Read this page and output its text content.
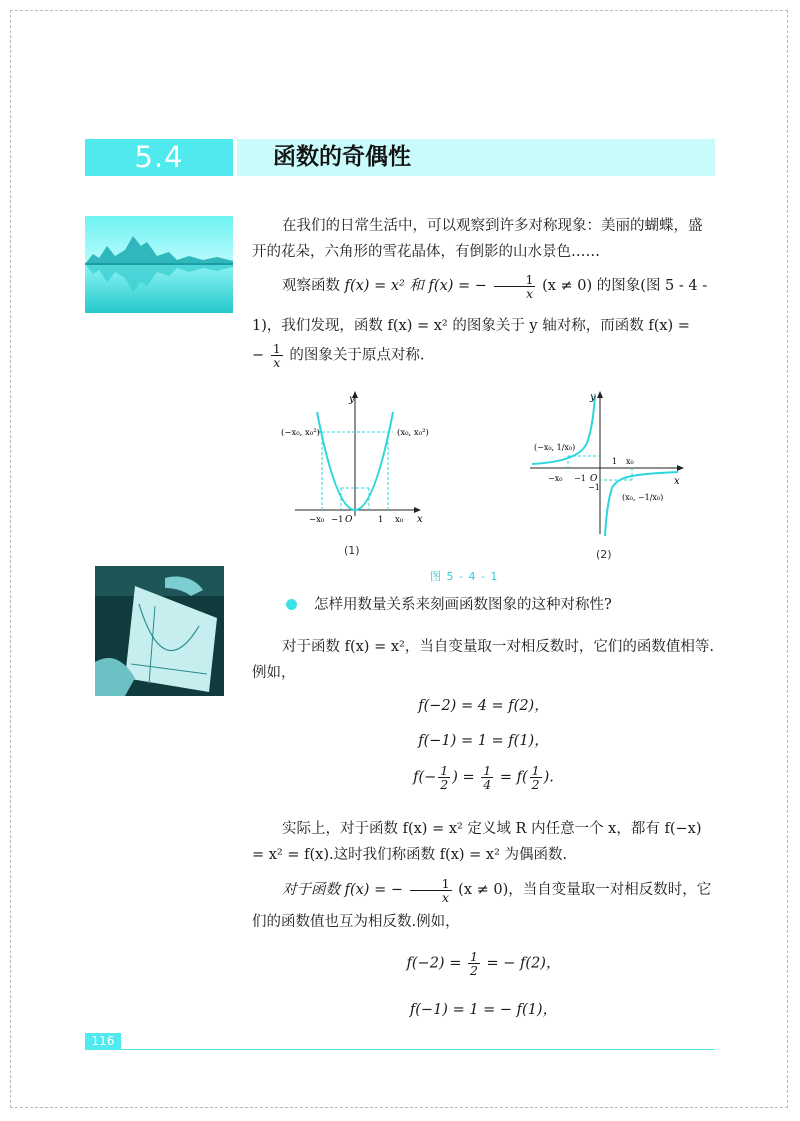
5.4	函数的奇偶性
在我们的日常生活中，可以观察到许多对称现象：美丽的蝴蝶，盛开的花朵，六角形的雪花晶体，有倒影的山水景色……
观察函数 f(x) = x² 和 f(x) = − $\frac{1}{x} (x \ne 0)$ 的图象(图 5 - 4 -
1)，我们发现，函数 f(x) = x² 的图象关于 y 轴对称，而函数 f(x) =
− $\frac{1}{x}$ 的图象关于原点对称.
y
x
O
(−x₀, x₀²)	(x₀, x₀²)
−x₀ −1	1 x₀
(1)
y
x
O
(−x₀, 1/x₀)
(x₀, −1/x₀)
−x₀ −1
1 x₀
−1
(2)
图 5 - 4 - 1
怎样用数量关系来刻画函数图象的这种对称性?
对于函数 f(x) = x²，当自变量取一对相反数时，它们的函数值相等.例如，
f(−2) = 4 = f(2)，
f(−1) = 1 = f(1)，
$f(- \frac{1}{2}$ ) = $\frac{1}{4} = f( \frac{1}{2}$ ).
实际上，对于函数 f(x) = x² 定义域 R 内任意一个 x，都有 f(−x) = x² = f(x).这时我们称函数 f(x) = x² 为偶函数.
对于函数 f(x) = − $\frac{1}{x} (x \ne 0)$，当自变量取一对相反数时，它们的函数值也互为相反数.例如，
$f(-2) = \frac{1}{2}$ = − f(2)，
f(−1) = 1 = − f(1)，
116
